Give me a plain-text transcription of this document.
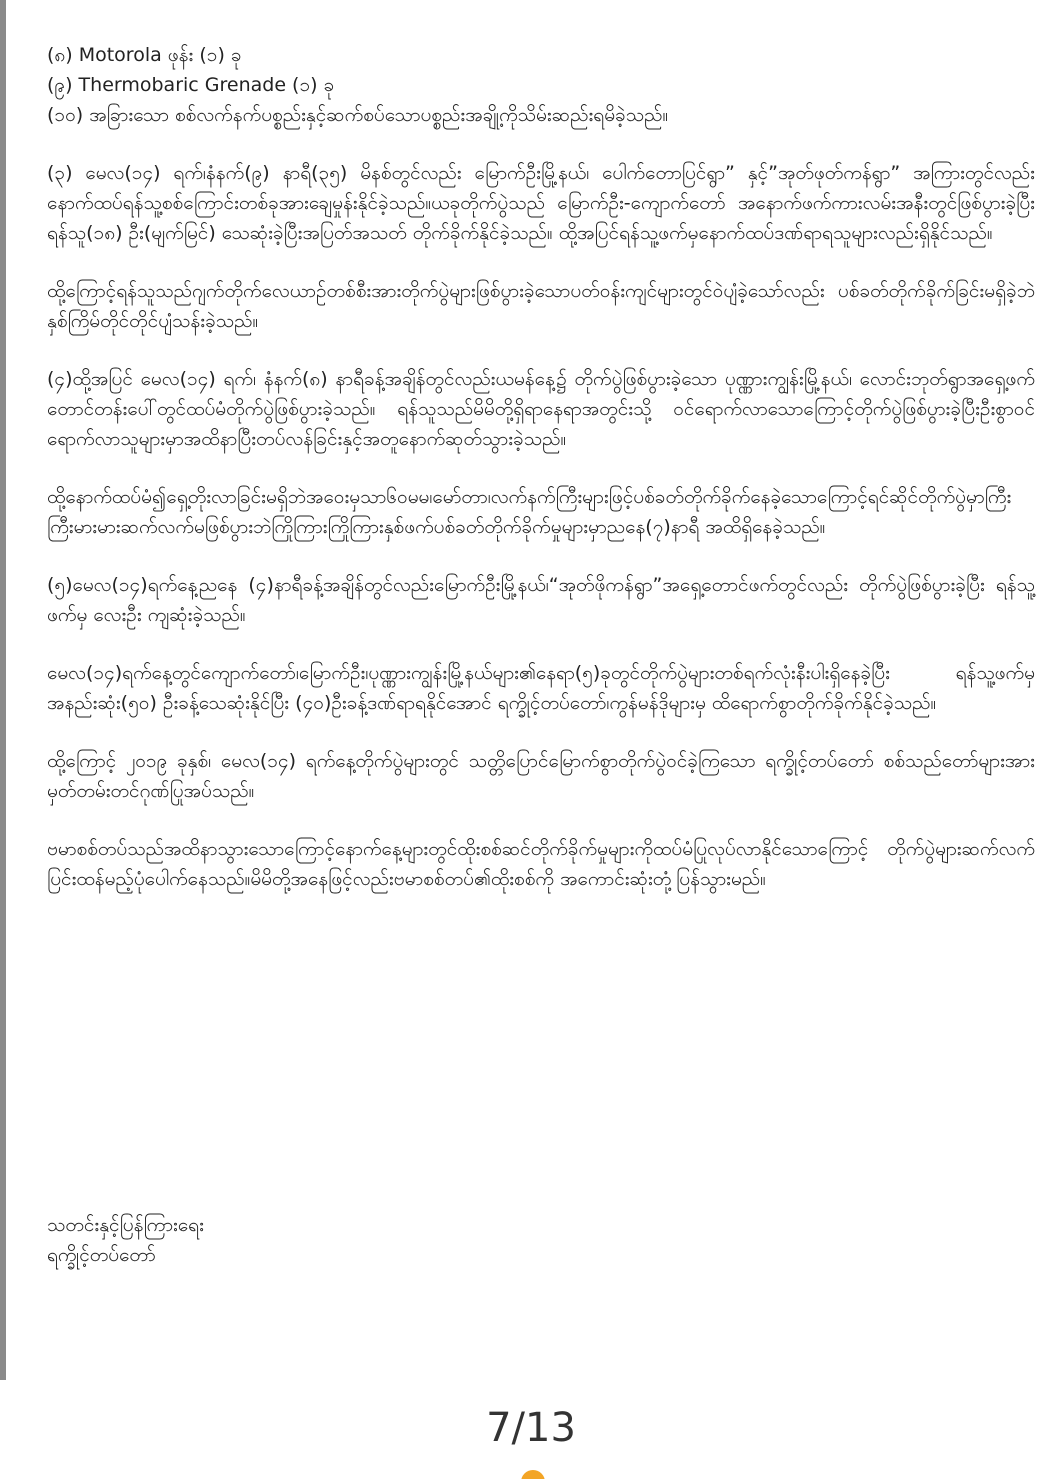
(၈) Motorola ဖုန်း (၁) ခု
(၉) Thermobaric Grenade (၁) ခု
(၁၀) အခြားသော စစ်လက်နက်ပစ္စည်းနှင့်ဆက်စပ်သောပစ္စည်းအချို့ကိုသိမ်းဆည်းရမိခဲ့သည်။
(၃) မေလ(၁၄) ရက်၊နံနက်(၉) နာရီ(၃၅) မိနစ်တွင်လည်း မြောက်ဦးမြို့နယ်၊ ပေါက်တောပြင်ရွာ” နှင့်”အုတ်ဖုတ်ကန်ရွာ” အကြားတွင်လည်းနောက်ထပ်ရန်သူ့စစ်ကြောင်းတစ်ခုအားချေမှုန်းနိုင်ခဲ့သည်။ယခုတိုက်ပွဲသည် မြောက်ဦး-ကျောက်တော် အနောက်ဖက်ကားလမ်းအနီးတွင်ဖြစ်ပွားခဲ့ပြီး ရန်သူ(၁၈) ဦး(မျက်မြင်) သေဆုံးခဲ့ပြီးအပြတ်အသတ် တိုက်ခိုက်နိုင်ခဲ့သည်။ ထို့အပြင်ရန်သူ့ဖက်မှနောက်ထပ်ဒဏ်ရာရသူများလည်းရှိနိုင်သည်။
ထို့ကြောင့်ရန်သူသည်ဂျက်တိုက်လေယာဉ်တစ်စီးအားတိုက်ပွဲများဖြစ်ပွားခဲ့သောပတ်ဝန်းကျင်များတွင်ဝဲပျံခဲ့သော်လည်း ပစ်ခတ်တိုက်ခိုက်ခြင်းမရှိခဲ့ဘဲ နှစ်ကြိမ်တိုင်တိုင်ပျံသန်းခဲ့သည်။
(၄)ထို့အပြင် မေလ(၁၄) ရက်၊ နံနက်(၈) နာရီခန့်အချိန်တွင်လည်းယမန်နေ့၌ တိုက်ပွဲဖြစ်ပွားခဲ့သော ပုဏ္ဏားကျွန်းမြို့နယ်၊ လောင်းဘုတ်ရွာအရှေ့ဖက်တောင်တန်းပေါ်တွင်ထပ်မံတိုက်ပွဲဖြစ်ပွားခဲ့သည်။ ရန်သူသည်မိမိတို့ရှိရာနေရာအတွင်းသို့ ဝင်ရောက်လာသောကြောင့်တိုက်ပွဲဖြစ်ပွားခဲ့ပြီးဦးစွာဝင်ရောက်လာသူများမှာအထိနာပြီးတပ်လန်ခြင်းနှင့်အတူနောက်ဆုတ်သွားခဲ့သည်။
ထို့နောက်ထပ်မံ၍ရှေ့တိုးလာခြင်းမရှိဘဲအဝေးမှသာ၆၀မမ၊မော်တာ၊လက်နက်ကြီးများဖြင့်ပစ်ခတ်တိုက်ခိုက်နေခဲ့သောကြောင့်ရင်ဆိုင်တိုက်ပွဲမှာကြီးကြီးမားမားဆက်လက်မဖြစ်ပွားဘဲကြိုကြားကြိုကြားနှစ်ဖက်ပစ်ခတ်တိုက်ခိုက်မှုများမှာညနေ(၇)နာရီ အထိရှိနေခဲ့သည်။
(၅)မေလ(၁၄)ရက်နေ့ညနေ (၄)နာရီခန့်အချိန်တွင်လည်းမြောက်ဦးမြို့နယ်၊“အုတ်ဖိုကန်ရွာ”အရှေ့တောင်ဖက်တွင်လည်း တိုက်ပွဲဖြစ်ပွားခဲ့ပြီး ရန်သူ့ဖက်မှ လေးဦး ကျဆုံးခဲ့သည်။
မေလ(၁၄)ရက်နေ့တွင်ကျောက်တော်၊မြောက်ဦး၊ပုဏ္ဏားကျွန်းမြို့နယ်များ၏နေရာ(၅)ခုတွင်တိုက်ပွဲများတစ်ရက်လုံးနီးပါးရှိနေခဲ့ပြီး ရန်သူ့ဖက်မှ အနည်းဆုံး(၅၀) ဦးခန့်သေဆုံးနိုင်ပြီး (၄၀)ဦးခန့်ဒဏ်ရာရနိုင်အောင် ရက္ခိုင့်တပ်တော်၊ကွန်မန်ဒိုများမှ ထိရောက်စွာတိုက်ခိုက်နိုင်ခဲ့သည်။
ထို့ကြောင့် ၂၀၁၉ ခုနှစ်၊ မေလ(၁၄) ရက်နေ့တိုက်ပွဲများတွင် သတ္တိပြောင်မြောက်စွာတိုက်ပွဲဝင်ခဲ့ကြသော ရက္ခိုင့်တပ်တော် စစ်သည်တော်များအားမှတ်တမ်းတင်ဂုဏ်ပြုအပ်သည်။
ဗမာစစ်တပ်သည်အထိနာသွားသောကြောင့်နောက်နေ့များတွင်ထိုးစစ်ဆင်တိုက်ခိုက်မှုများကိုထပ်မံပြုလုပ်လာနိုင်သောကြောင့် တိုက်ပွဲများဆက်လက်ပြင်းထန်မည့်ပုံပေါက်နေသည်။မိမိတို့အနေဖြင့်လည်းဗမာစစ်တပ်၏ထိုးစစ်ကို အကောင်းဆုံးတုံ့ပြန်သွားမည်။
သတင်းနှင့်ပြန်ကြားရေး
ရက္ခိုင့်တပ်တော်
7/13
